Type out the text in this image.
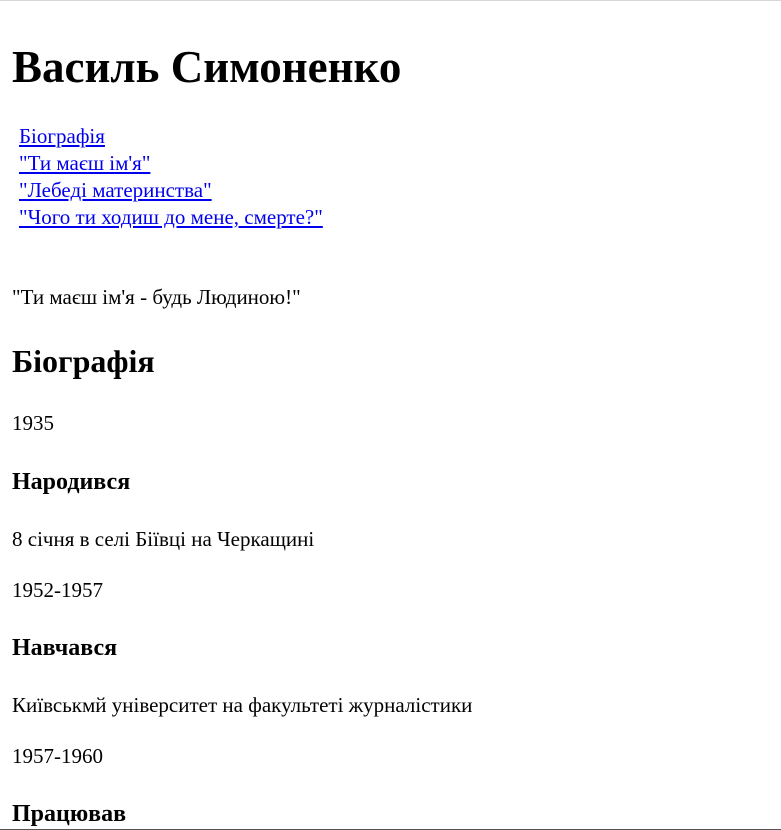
Василь Симоненко
Біографія
"Ти маєш ім'я"
"Лебеді материнства"
"Чого ти ходиш до мене, смерте?"

"Ти маєш ім'я - будь Людиною!"

Біографія

1935

Народився

8 січня в селі Біївці на Черкащині

1952-1957

Навчався

Київськмй університет на факультеті журналістики

1957-1960

Працював
